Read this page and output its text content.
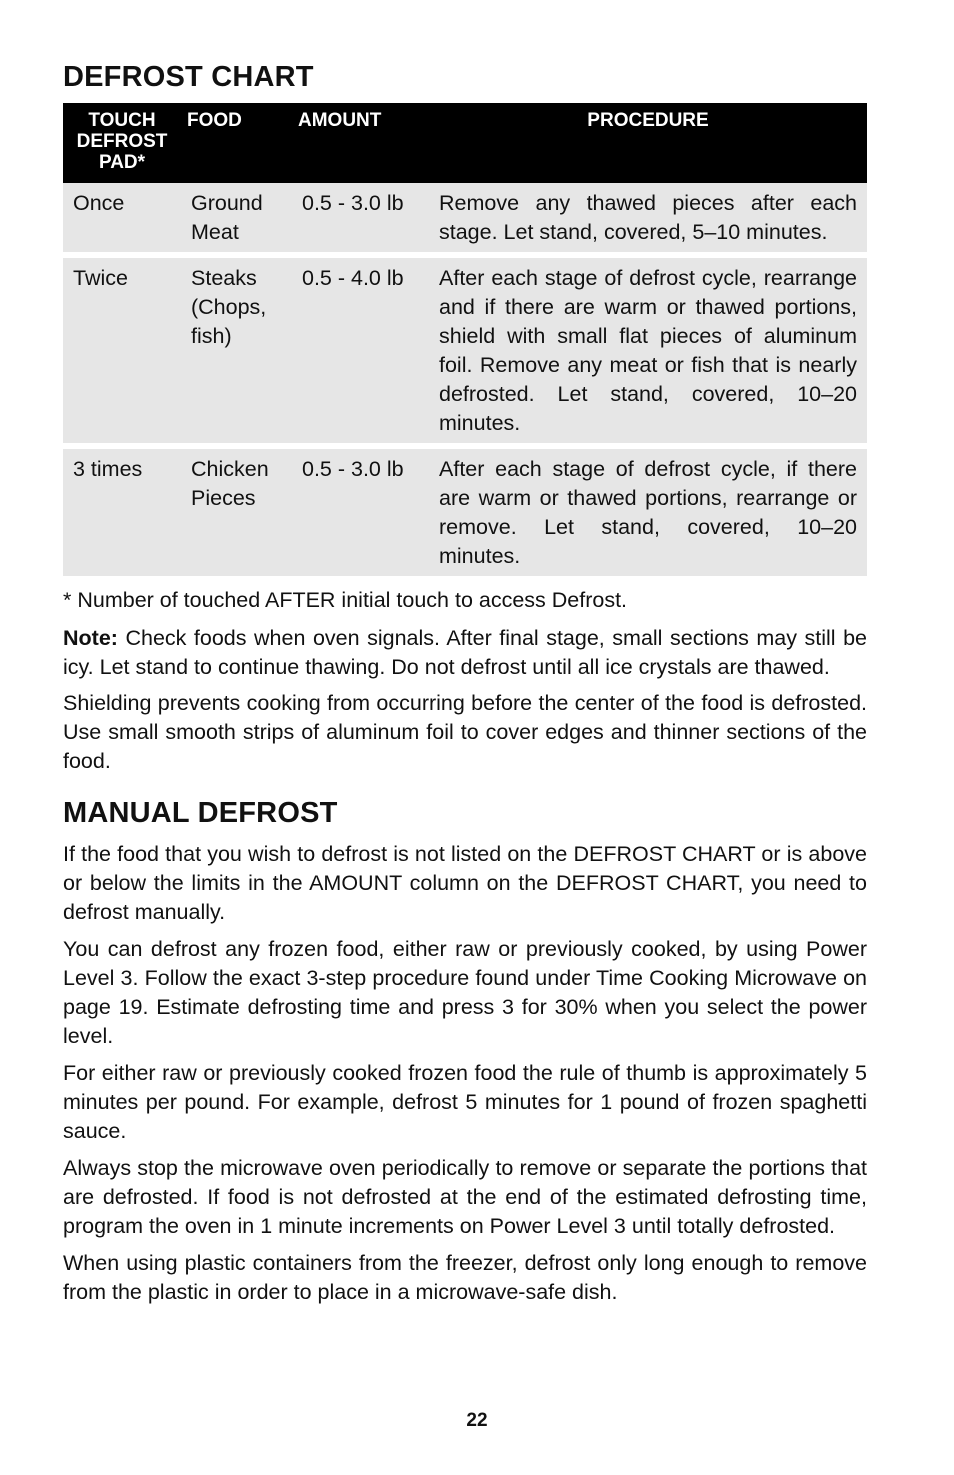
DEFROST CHART
TOUCH
DEFROST
PAD*	FOOD	AMOUNT	PROCEDURE
Once	Ground Meat	0.5 - 3.0 lb	Remove any thawed pieces after each stage. Let stand, covered, 5–10 minutes.
Twice	Steaks (Chops, fish)	0.5 - 4.0 lb	After each stage of defrost cycle, rearrange and if there are warm or thawed portions, shield with small flat pieces of aluminum foil. Remove any meat or fish that is nearly defrosted. Let stand, covered, 10–20 minutes.
3 times	Chicken Pieces	0.5 - 3.0 lb	After each stage of defrost cycle, if there are warm or thawed portions, rearrange or remove. Let stand, covered, 10–20 minutes.

* Number of touched AFTER initial touch to access Defrost.

Note: Check foods when oven signals. After final stage, small sections may still be icy. Let stand to continue thawing. Do not defrost until all ice crystals are thawed.

Shielding prevents cooking from occurring before the center of the food is defrosted. Use small smooth strips of aluminum foil to cover edges and thinner sections of the food.

MANUAL DEFROST

If the food that you wish to defrost is not listed on the DEFROST CHART or is above or below the limits in the AMOUNT column on the DEFROST CHART, you need to defrost manually.

You can defrost any frozen food, either raw or previously cooked, by using Power Level 3. Follow the exact 3-step procedure found under Time Cooking Microwave on page 19. Estimate defrosting time and press 3 for 30% when you select the power level.

For either raw or previously cooked frozen food the rule of thumb is approximately 5 minutes per pound. For example, defrost 5 minutes for 1 pound of frozen spaghetti sauce.

Always stop the microwave oven periodically to remove or separate the portions that are defrosted. If food is not defrosted at the end of the estimated defrosting time, program the oven in 1 minute increments on Power Level 3 until totally defrosted.

When using plastic containers from the freezer, defrost only long enough to remove from the plastic in order to place in a microwave-safe dish.

22
